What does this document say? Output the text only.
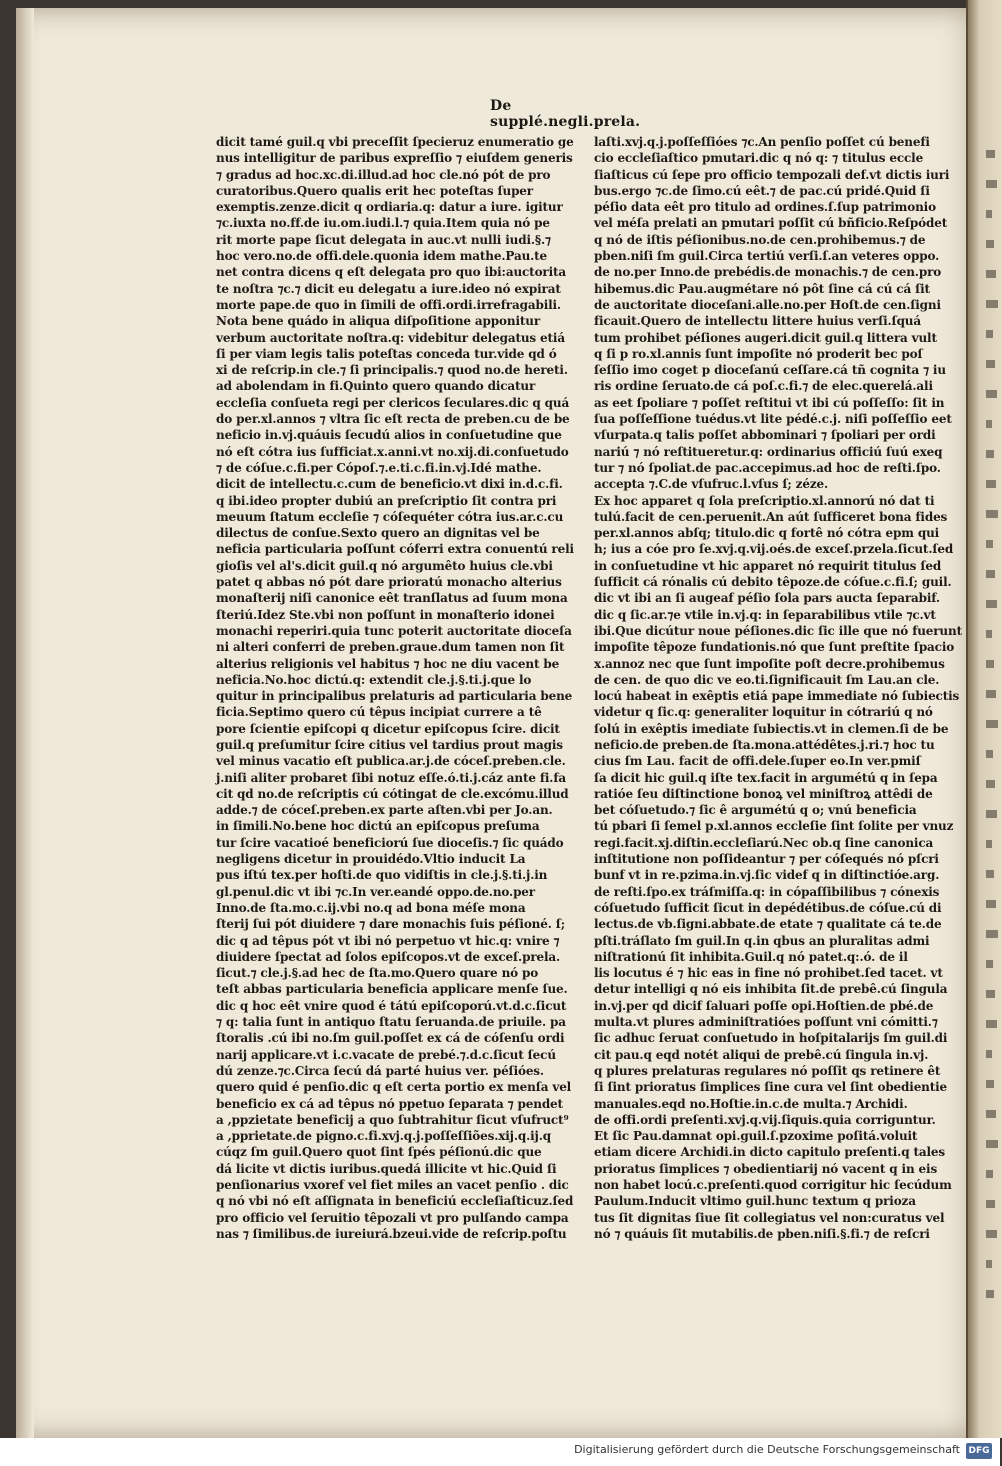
De supplé.negli.prela.
dicit tamé guil.q vbi preceſſit ſpecieruz enumeratio ge
nus intelligitur de paribus expreſſio ⁊ eiuſdem generis
⁊ gradus ad hoc.xc.di.illud.ad hoc cle.nó pót de pro
curatoribus.Quero qualis erit hec poteſtas ſuper
exemptis.zenze.dicit q ordiaria.q: datur a iure. igitur
⁊c.iuxta no.ff.de iu.om.iudi.l.⁊ quia.Item quia nó pe
rit morte pape ſicut delegata in auc.vt nulli iudi.§.⁊
hoc vero.no.de offi.dele.quonia idem mathe.Pau.te
net contra dicens q eſt delegata pro quo ibi:auctorita
te noſtra ⁊c.⁊ dicit eu delegatu a iure.ideo nó expirat
morte pape.de quo in ſimili de offi.ordi.irrefragabili.
Nota bene quádo in aliqua diſpoſitione apponitur
verbum auctoritate noſtra.q: videbitur delegatus etiá
ſi per viam legis talis poteſtas conceda tur.vide qd ó
xi de reſcrip.in cle.⁊ ſi principalis.⁊ quod no.de hereti.
ad abolendam in fi.Quinto quero quando dicatur
eccleſia conſueta regi per clericos ſeculares.dic q quá
do per.xl.annos ⁊ vltra ſic eſt recta de preben.cu de be
neficio in.vj.quáuis ſecudú alios in conſuetudine que
nó eſt cótra ius ſufficiat.x.anni.vt no.xij.di.conſuetudo
⁊ de cóſue.c.fi.per Cópoſ.⁊.e.ti.c.fi.in.vj.Idé mathe.
dicit de intellectu.c.cum de beneficio.vt dixi in.d.c.fi.
q ibi.ideo propter dubiú an preſcriptio ſit contra pri
meuum ſtatum eccleſie ⁊ cóſequéter cótra ius.ar.c.cu
dilectus de conſue.Sexto quero an dignitas vel be
neficia particularia poſſunt cóferri extra conuentú reli
gioſis vel al's.dicit guil.q nó argumêto huius cle.vbi
patet q abbas nó pót dare prioratú monacho alterius
monaſterij niſi canonice eêt tranſlatus ad ſuum mona
ſteriú.Idez Ste.vbi non poſſunt in monaſterio idonei
monachi reperiri.quia tunc poterit auctoritate dioceſa
ni alteri conferri de preben.graue.dum tamen non ſit
alterius religionis vel habitus ⁊ hoc ne diu vacent be
neficia.No.hoc dictú.q: extendit cle.j.§.ti.j.que lo
quitur in principalibus prelaturis ad particularia bene
ficia.Septimo quero cú têpus incipiat currere a tê
pore ſcientie epiſcopi q dicetur epiſcopus ſcire. dicit
guil.q preſumitur ſcire citius vel tardius prout magis
vel minus vacatio eſt publica.ar.j.de cóceſ.preben.cle.
j.niſi aliter probaret ſibi notuz eſſe.ó.ti.j.cáz ante fi.fa
cit qd no.de reſcriptis cú cótingat de cle.excómu.illud
adde.⁊ de cóceſ.preben.ex parte aſten.vbi per Jo.an.
in ſimili.No.bene hoc dictú an epiſcopus preſuma
tur ſcire vacatioé beneficiorú ſue dioceſis.⁊ ſic quádo
negligens dicetur in prouidédo.Vltio inducit La
pus iſtú tex.per hoſti.de quo vidiſtis in cle.j.§.ti.j.in
gl.penul.dic vt ibi ⁊c.In ver.eandé oppo.de.no.per
Inno.de ſta.mo.c.ij.vbi no.q ad bona méſe mona
ſterij ſui pót diuidere ⁊ dare monachis ſuis péſioné. ſ;
dic q ad têpus pót vt ibi nó perpetuo vt hic.q: vnire ⁊
diuidere ſpectat ad ſolos epiſcopos.vt de exceſ.prela.
ſicut.⁊ cle.j.§.ad hec de ſta.mo.Quero quare nó po
teſt abbas particularia beneficia applicare menſe ſue.
dic q hoc eêt vnire quod é tátú epiſcoporú.vt.d.c.ſicut
⁊ q: talia ſunt in antiquo ſtatu ſeruanda.de priuile. pa
ſtoralis .cú ibi no.ſm guil.poſſet ex cá de cóſenſu ordi
narij applicare.vt i.c.vacate de prebé.⁊.d.c.ſicut ſecú
dú zenze.⁊c.Circa ſecú dá parté huius ver. péſióes.
quero quid é penſio.dic q eſt certa portio ex menſa vel
beneficio ex cá ad têpus nó ppetuo ſeparata ⁊ pendet
a ,ppzietate beneficij a quo ſubtrahitur ſicut vſufruct⁹
a ,pprietate.de pigno.c.fi.xvj.q.j.poſſeſſiões.xij.q.ij.q
cúqz ſm guil.Quero quot ſint ſpés péſionú.dic que
dá licite vt dictis iuribus.quedá illicite vt hic.Quid ſi
penſionarius vxoref vel fiet miles an vacet penſio . dic
q nó vbi nó eſt aſſignata in beneficiú eccleſiaſticuz.ſed
pro officio vel ſeruitio têpozali vt pro pulſando campa
nas ⁊ ſimilibus.de iureiurá.bzeui.vide de reſcrip.poſtu
laſti.xvj.q.j.poſſeſſióes ⁊c.An penſio poſſet cú benefi
cio eccleſiaſtico pmutari.dic q nó q: ⁊ titulus eccle
ſiaſticus cú ſepe pro officio tempozali def.vt dictis iuri
bus.ergo ⁊c.de ſimo.cú eêt.⁊ de pac.cú pridé.Quid ſi
péſio data eêt pro titulo ad ordines.ſ.ſup patrimonio
vel méſa prelati an pmutari poſſit cú bñficio.Reſpódet
q nó de iſtis péſionibus.no.de cen.prohibemus.⁊ de
pben.niſi ſm guil.Circa tertiú verſi.ſ.an veteres oppo.
de no.per Inno.de prebédis.de monachis.⁊ de cen.pro
hibemus.dic Pau.augmétare nó pôt ſine cá cú cá ſit
de auctoritate dioceſani.alle.no.per Hoſt.de cen.ſigni
ficauit.Quero de intellectu littere huius verſi.ſquá
tum prohibet péſiones augeri.dicit guil.q littera vult
q ſi p ro.xl.annis ſunt impoſite nó proderit bec poſ
ſeſſio imo coget p dioceſanú ceſſare.cá tñ cognita ⁊ iu
ris ordine ſeruato.de cá poſ.c.fi.⁊ de elec.querelá.ali
as eet ſpoliare ⁊ poſſet reſtitui vt ibi cú poſſeſſo: ſit in
ſua poſſeſſione tuédus.vt lite pédé.c.j. niſi poſſeſſio eet
vſurpata.q talis poſſet abbominari ⁊ ſpoliari per ordi
nariú ⁊ nó reſtitueretur.q: ordinarius officiú ſuú exeq
tur ⁊ nó ſpoliat.de pac.accepimus.ad hoc de reſti.ſpo.
accepta ⁊.C.de vſufruc.l.vſus ſ; zéze.
Ex hoc apparet q ſola preſcriptio.xl.annorú nó dat ti
tulú.facit de cen.peruenit.An aút ſufficeret bona fides
per.xl.annos abſq; titulo.dic q fortê nó cótra epm qui
h; ius a cóe pro ſe.xvj.q.vij.oés.de exceſ.przela.ſicut.ſed
in conſuetudine vt hic apparet nó requirit titulus ſed
ſufficit cá rónalis cú debito têpoze.de cóſue.c.fi.ſ; guil.
dic vt ibi an ſi augeaf péſio ſola pars aucta ſeparabif.
dic q ſic.ar.⁊e vtile in.vj.q: in ſeparabilibus vtile ⁊c.vt
ibi.Que dicútur noue péſiones.dic ſic ille que nó fuerunt
impoſite têpoze fundationis.nó que ſunt preſtite ſpacio
x.annoz nec que ſunt impoſite poſt decre.prohibemus
de cen. de quo dic ve eo.ti.ſignificauit ſm Lau.an cle.
locú habeat in exêptis etiá pape immediate nó ſubiectis
videtur q ſic.q: generaliter loquitur in cótrariú q nó
ſolú in exêptis imediate ſubiectis.vt in clemen.ſi de be
neficio.de preben.de ſta.mona.attédêtes.j.ri.⁊ hoc tu
cius ſm Lau. facit de offi.dele.ſuper eo.In ver.pmiſ
ſa dicit hic guil.q iſte tex.facit in argumétú q in ſepa
ratióe ſeu diſtinctione bonoꝝ vel miniſtroꝝ attêdi de
bet cóſuetudo.⁊ ſic ê argumétú q o; vnú beneficia
tú pbari ſi ſemel p.xl.annos eccleſie ſint ſolite per vnuz
regi.facit.xj.diſtin.eccleſiarú.Nec ob.q ſine canonica
inſtitutione non poſſideantur ⁊ per cóſequés nó pſcri
bunf vt in re.pzima.in.vj.ſic videf q in diſtinctióe.arg.
de reſti.ſpo.ex tráſmiſſa.q: in cópaſſibilibus ⁊ cónexis
cóſuetudo ſufficit ſicut in depédétibus.de cóſue.cú di
lectus.de vb.ſigni.abbate.de etate ⁊ qualitate cá te.de
pſti.tráſlato ſm guil.In q.in qbus an pluralitas admi
niſtrationú ſit inhibita.Guil.q nó patet.q:.ó. de il
lis locutus é ⁊ hic eas in fine nó prohibet.ſed tacet. vt
detur intelligi q nó eis inhibita ſit.de prebê.cú ſingula
in.vj.per qd dicif ſaluari poſſe opi.Hoſtien.de pbé.de
multa.vt plures adminiſtratióes poſſunt vni cómitti.⁊
ſic adhuc ſeruat conſuetudo in hoſpitalarijs ſm guil.di
cit pau.q eqd notét aliqui de prebê.cú ſingula in.vj.
q plures prelaturas regulares nó poſſit qs retinere êt
ſi ſint prioratus ſimplices ſine cura vel ſint obedientie
manuales.eqd no.Hoſtie.in.c.de multa.⁊ Archidi.
de offi.ordi preſenti.xvj.q.vij.ſiquis.quia corriguntur.
Et ſic Pau.damnat opi.guil.ſ.pzoxime poſitá.voluit
etiam dicere Archidi.in dicto capitulo preſenti.q tales
prioratus ſimplices ⁊ obedientiarij nó vacent q in eis
non habet locú.c.preſenti.quod corrigitur hic ſecúdum
Paulum.Inducit vltimo guil.hunc textum q prioza
tus ſit dignitas ſiue ſit collegiatus vel non:curatus vel
nó ⁊ quáuis ſit mutabilis.de pben.niſi.§.fi.⁊ de reſcri
Digitalisierung gefördert durch die Deutsche Forschungsgemeinschaft DFG
